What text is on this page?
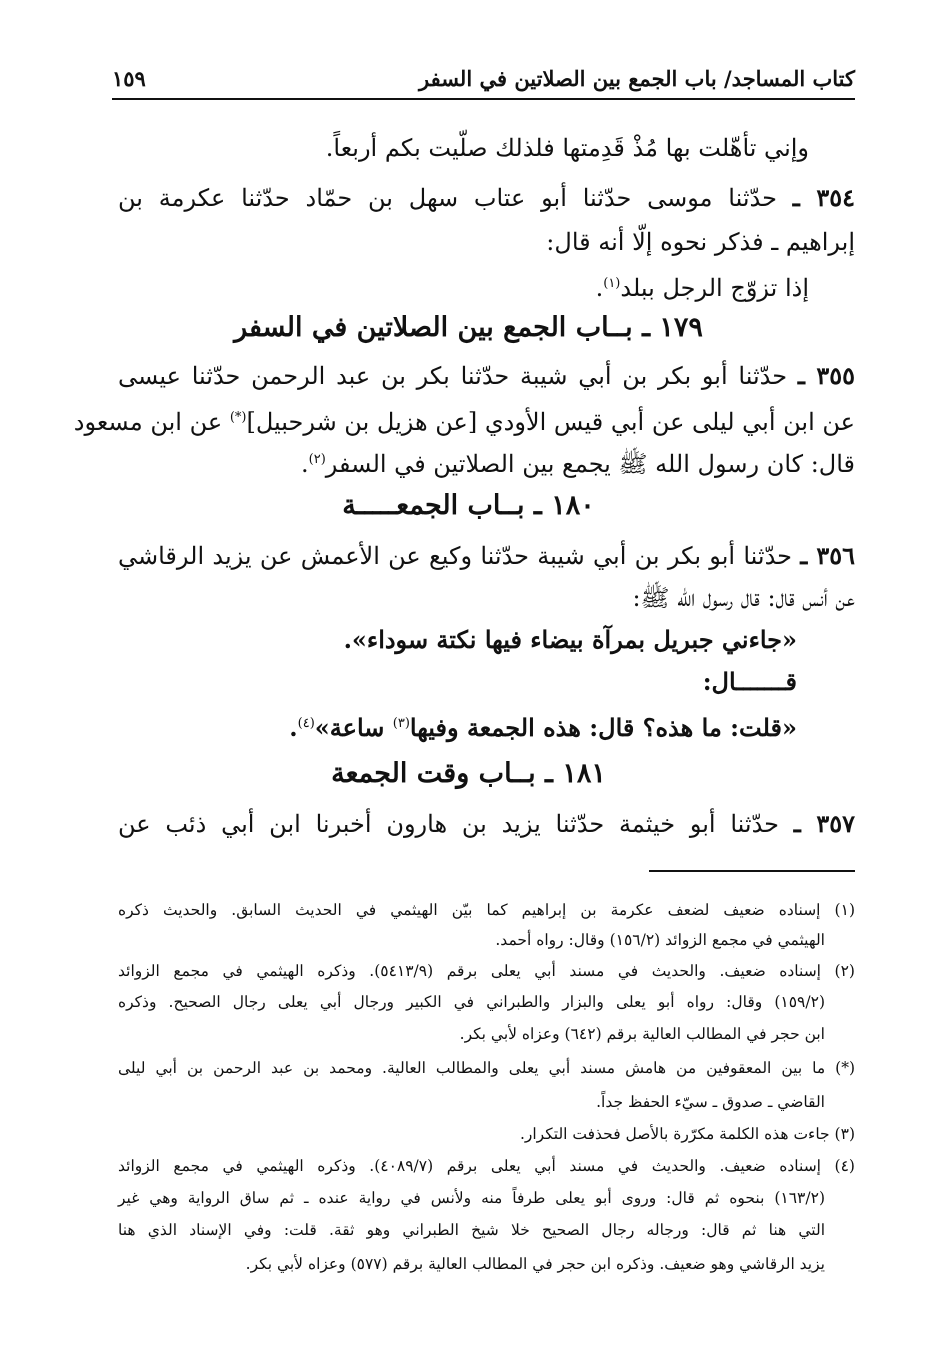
كتاب المساجد/ باب الجمع بين الصلاتين في السفر
١٥٩
وإني تأهّلت بها مُذْ قَدِمتها فلذلك صلّيت بكم أربعاً.
٣٥٤ ـ حدّثنا موسى حدّثنا أبو عتاب سهل بن حمّاد حدّثنا عكرمة بن
إبراهيم ـ فذكر نحوه إلّا أنه قال:
إذا تزوّج الرجل ببلد$^{(١)}$.
١٧٩ ـ بــاب الجمع بين الصلاتين في السفر
٣٥٥ ـ حدّثنا أبو بكر بن أبي شيبة حدّثنا بكر بن عبد الرحمن حدّثنا عيسى
عن ابن أبي ليلى عن أبي قيس الأودي [عن هزيل بن شرحبيل](*) عن ابن مسعود
قال: كان رسول الله ﷺ يجمع بين الصلاتين في السفر$^{(٢)}$.
١٨٠ ـ بــاب الجمعـــــة
٣٥٦ ـ حدّثنا أبو بكر بن أبي شيبة حدّثنا وكيع عن الأعمش عن يزيد الرقاشي
عن أنس قال: قال رسول الله ﷺ:
«جاءني جبريل بمرآة بيضاء فيها نكتة سوداء».
قـــــــال:
«قلت: ما هذه؟ قال: هذه الجمعة وفيها$^{(٣)}$ ساعة»$^{(٤)}$.
١٨١ ـ بــاب وقت الجمعة
٣٥٧ ـ حدّثنا أبو خيثمة حدّثنا يزيد بن هارون أخبرنا ابن أبي ذئب عن
(١) إسناده ضعيف لضعف عكرمة بن إبراهيم كما بيّن الهيثمي في الحديث السابق. والحديث ذكره
الهيثمي في مجمع الزوائد (١٥٦/٢) وقال: رواه أحمد.
(٢) إسناده ضعيف. والحديث في مسند أبي يعلى برقم (٥٤١٣/٩). وذكره الهيثمي في مجمع الزوائد
(١٥٩/٢) وقال: رواه أبو يعلى والبزار والطبراني في الكبير ورجال أبي يعلى رجال الصحيح. وذكره
ابن حجر في المطالب العالية برقم (٦٤٢) وعزاه لأبي بكر.
(*) ما بين المعقوفين من هامش مسند أبي يعلى والمطالب العالية. ومحمد بن عبد الرحمن بن أبي ليلى
القاضي ـ صدوق ـ سيّء الحفظ جداً.
(٣) جاءت هذه الكلمة مكرّرة بالأصل فحذفت التكرار.
(٤) إسناده ضعيف. والحديث في مسند أبي يعلى برقم (٤٠٨٩/٧). وذكره الهيثمي في مجمع الزوائد
(١٦٣/٢) بنحوه ثم قال: وروى أبو يعلى طرفاً منه ولأنس في رواية عنده ـ ثم ساق الرواية وهي غير
التي هنا ثم قال: ورجاله رجال الصحيح خلا شيخ الطبراني وهو ثقة. قلت: وفي الإسناد الذي هنا
يزيد الرقاشي وهو ضعيف. وذكره ابن حجر في المطالب العالية برقم (٥٧٧) وعزاه لأبي بكر.
